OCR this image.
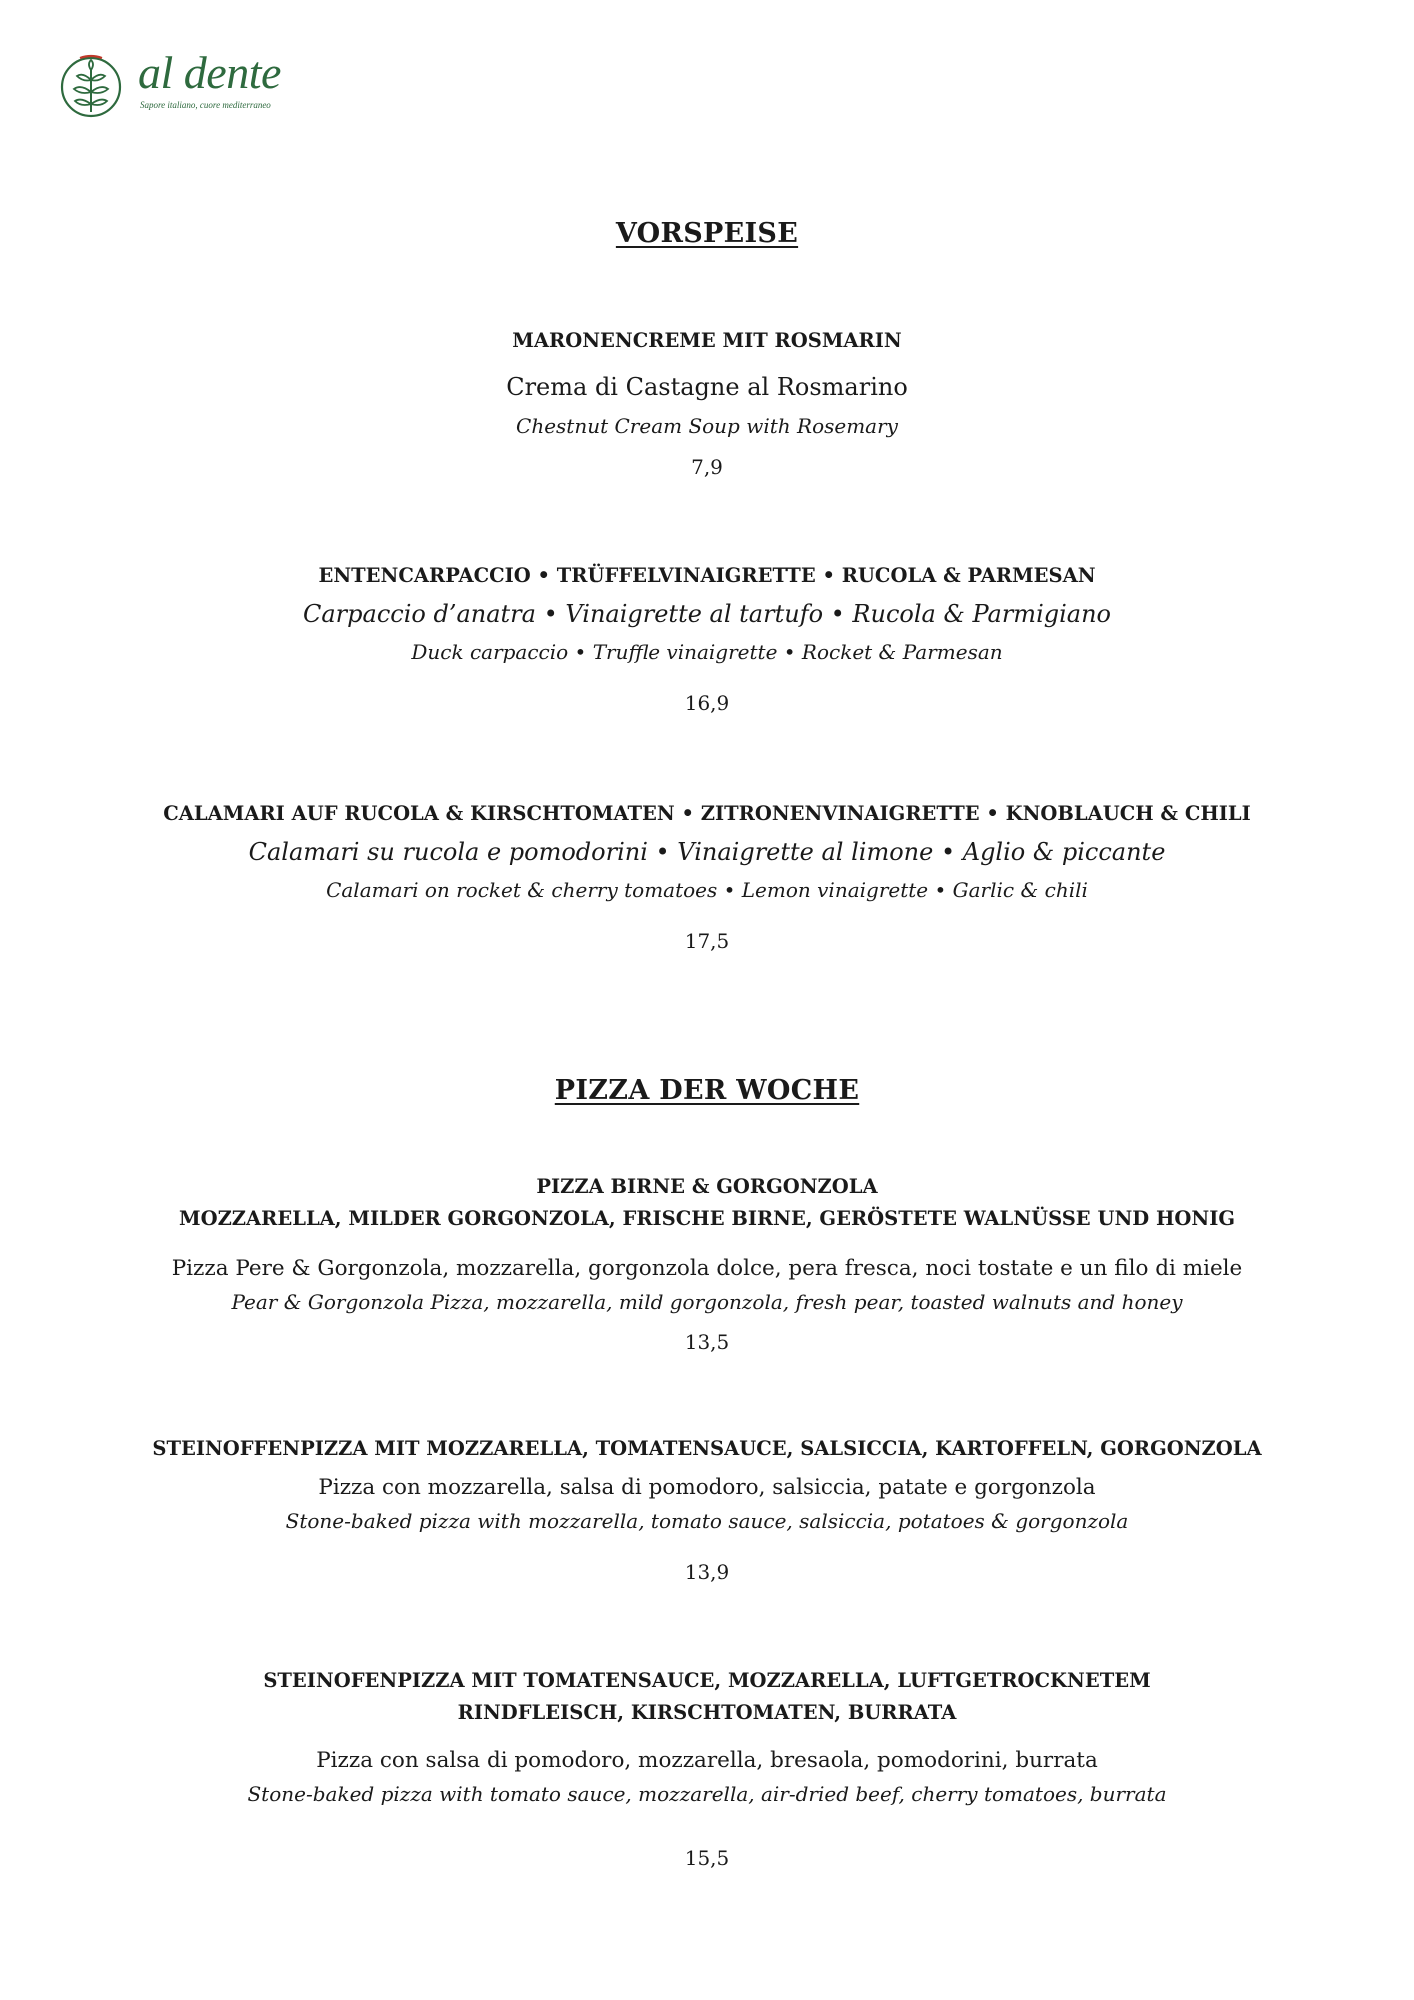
al dente
Sapore italiano, cuore mediterraneo
VORSPEISE
MARONENCREME MIT ROSMARIN
Crema di Castagne al Rosmarino
Chestnut Cream Soup with Rosemary
7,9
ENTENCARPACCIO • TRÜFFELVINAIGRETTE • RUCOLA & PARMESAN
Carpaccio d’anatra • Vinaigrette al tartufo • Rucola & Parmigiano
Duck carpaccio • Truffle vinaigrette • Rocket & Parmesan
16,9
CALAMARI AUF RUCOLA & KIRSCHTOMATEN • ZITRONENVINAIGRETTE • KNOBLAUCH & CHILI
Calamari su rucola e pomodorini • Vinaigrette al limone • Aglio & piccante
Calamari on rocket & cherry tomatoes • Lemon vinaigrette • Garlic & chili
17,5
PIZZA DER WOCHE
PIZZA BIRNE & GORGONZOLA
MOZZARELLA, MILDER GORGONZOLA, FRISCHE BIRNE, GERÖSTETE WALNÜSSE UND HONIG
Pizza Pere & Gorgonzola, mozzarella, gorgonzola dolce, pera fresca, noci tostate e un filo di miele
Pear & Gorgonzola Pizza, mozzarella, mild gorgonzola, fresh pear, toasted walnuts and honey
13,5
STEINOFFENPIZZA MIT MOZZARELLA, TOMATENSAUCE, SALSICCIA, KARTOFFELN, GORGONZOLA
Pizza con mozzarella, salsa di pomodoro, salsiccia, patate e gorgonzola
Stone-baked pizza with mozzarella, tomato sauce, salsiccia, potatoes & gorgonzola
13,9
STEINOFENPIZZA MIT TOMATENSAUCE, MOZZARELLA, LUFTGETROCKNETEM
RINDFLEISCH, KIRSCHTOMATEN, BURRATA
Pizza con salsa di pomodoro, mozzarella, bresaola, pomodorini, burrata
Stone-baked pizza with tomato sauce, mozzarella, air-dried beef, cherry tomatoes, burrata
15,5
